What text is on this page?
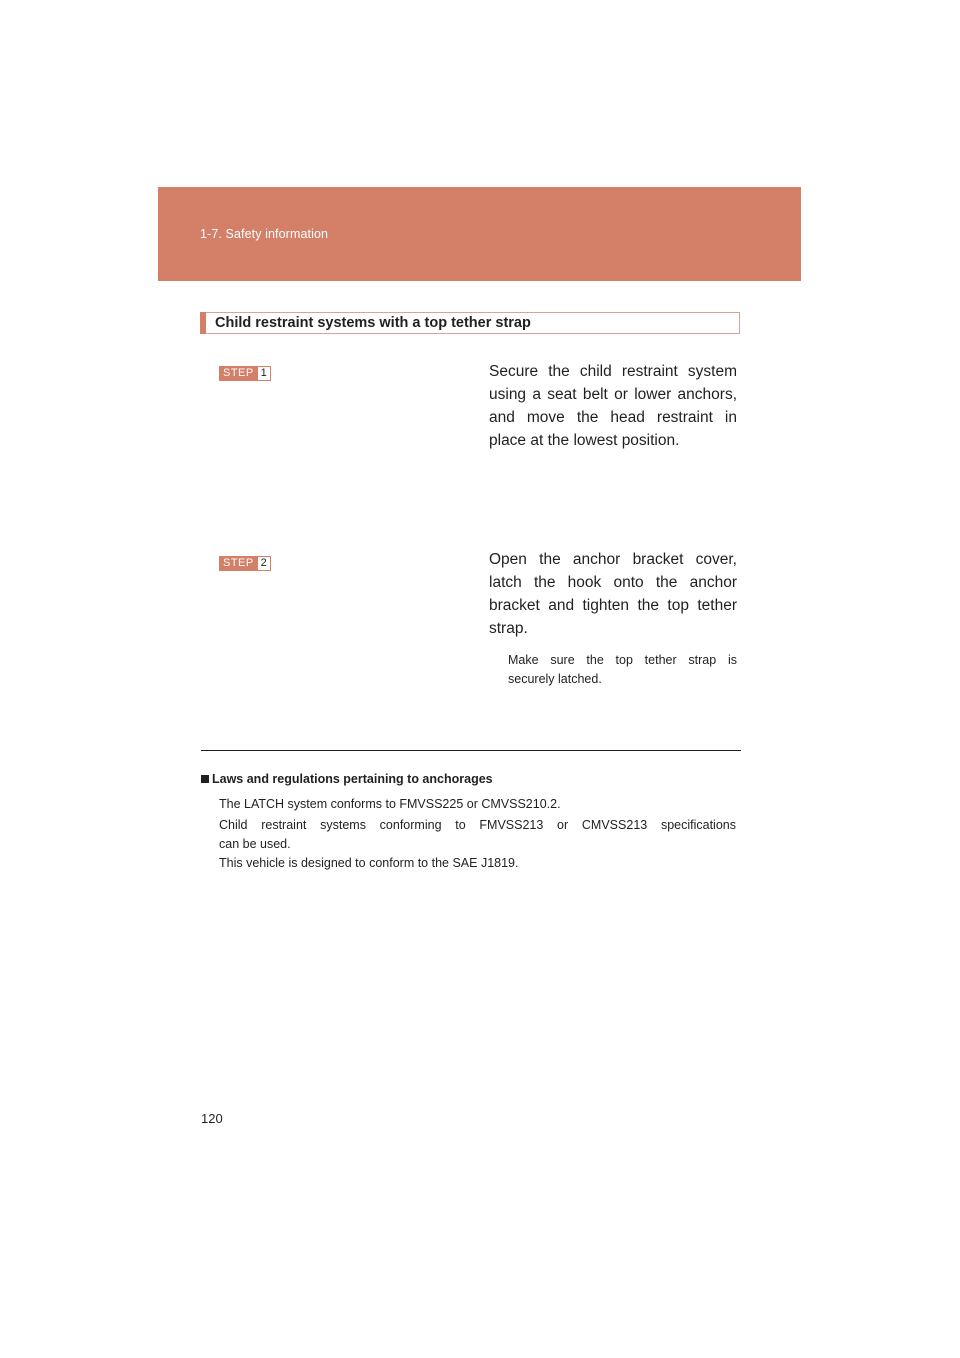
1-7. Safety information
Child restraint systems with a top tether strap
STEP 1	Secure the child restraint system using a seat belt or lower anchors, and move the head restraint in place at the lowest position.
STEP 2	Open the anchor bracket cover, latch the hook onto the anchor bracket and tighten the top tether strap.
Make sure the top tether strap is securely latched.
Laws and regulations pertaining to anchorages
The LATCH system conforms to FMVSS225 or CMVSS210.2.
Child restraint systems conforming to FMVSS213 or CMVSS213 specifications
can be used.
This vehicle is designed to conform to the SAE J1819.
120
